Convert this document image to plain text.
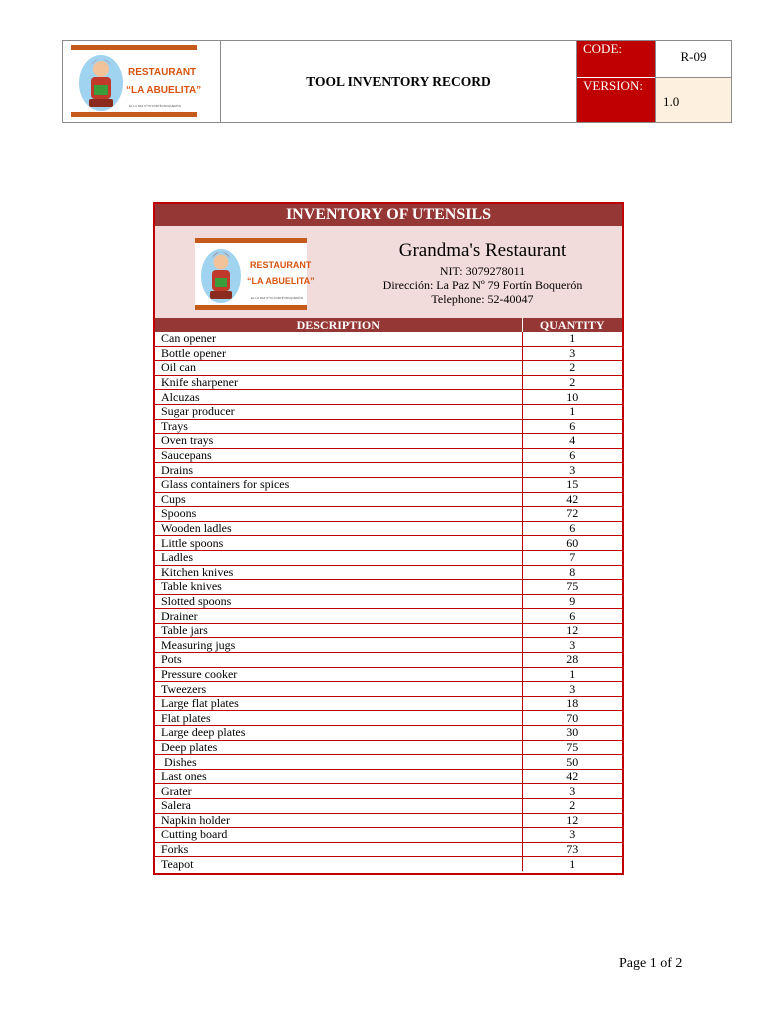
RESTAURANT
“LA ABUELITA”
EL LA PAZ Nº79 FORTÍN BOQUERÓN
TOOL INVENTORY RECORD
CODE:
R-09
VERSION:
1.0
INVENTORY OF UTENSILS
RESTAURANT
“LA ABUELITA”
EL LA PAZ Nº79 FORTÍN BOQUERÓN
Grandma's Restaurant
NIT: 3079278011
Dirección: La Paz Nº 79 Fortín Boquerón
Telephone: 52-40047
DESCRIPTION	QUANTITY
Can opener	1
Bottle opener	3
Oil can	2
Knife sharpener	2
Alcuzas	10
Sugar producer	1
Trays	6
Oven trays	4
Saucepans	6
Drains	3
Glass containers for spices	15
Cups	42
Spoons	72
Wooden ladles	6
Little spoons	60
Ladles	7
Kitchen knives	8
Table knives	75
Slotted spoons	9
Drainer	6
Table jars	12
Measuring jugs	3
Pots	28
Pressure cooker	1
Tweezers	3
Large flat plates	18
Flat plates	70
Large deep plates	30
Deep plates	75
Dishes	50
Last ones	42
Grater	3
Salera	2
Napkin holder	12
Cutting board	3
Forks	73
Teapot	1
Page 1 of 2
